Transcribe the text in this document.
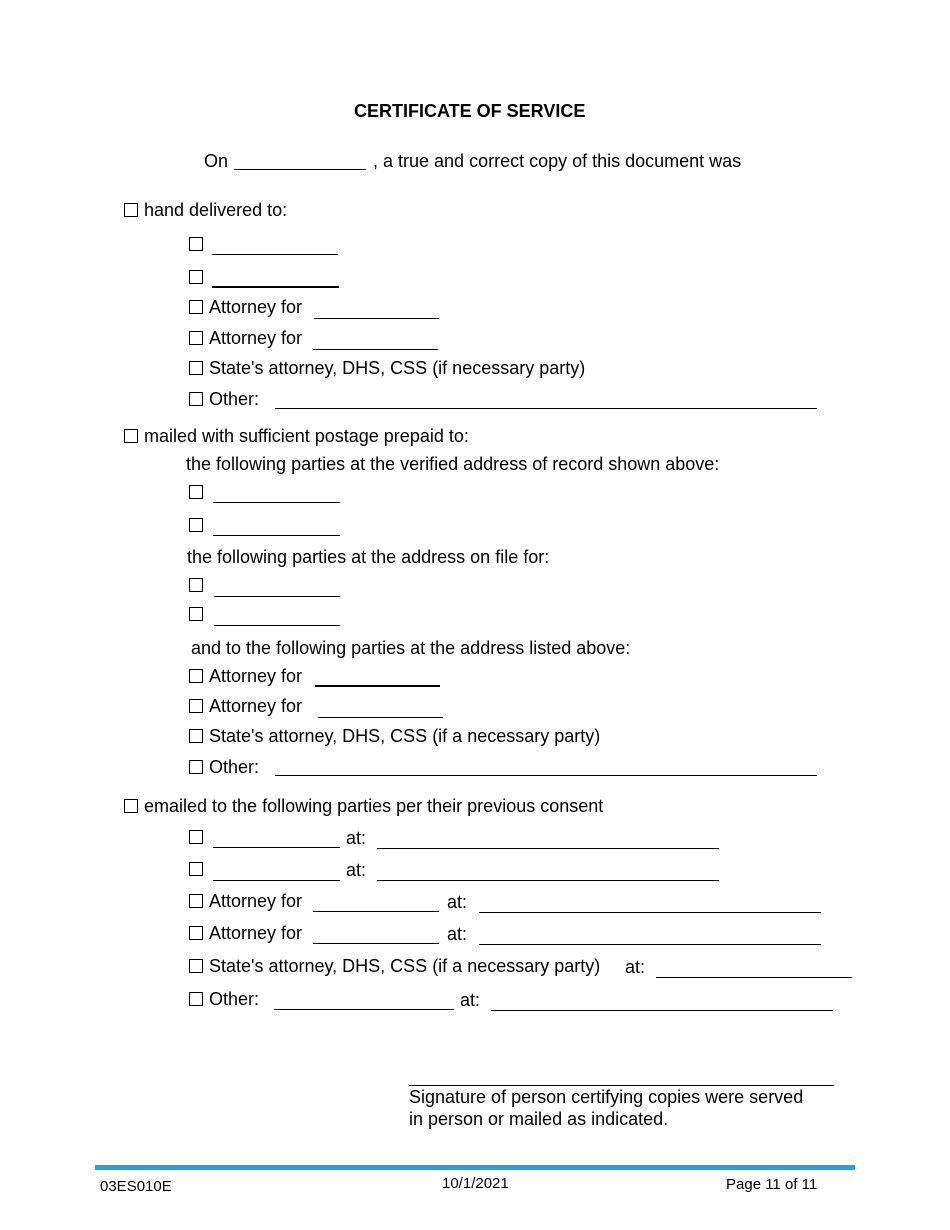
CERTIFICATE OF SERVICE
On	, a true and correct copy of this document was
hand delivered to:
Attorney for
Attorney for
State's attorney, DHS, CSS (if necessary party)
Other:
mailed with sufficient postage prepaid to:
the following parties at the verified address of record shown above:
the following parties at the address on file for:
and to the following parties at the address listed above:
Attorney for
Attorney for
State's attorney, DHS, CSS (if a necessary party)
Other:
emailed to the following parties per their previous consent
at:
at:
Attorney for	at:
Attorney for	at:
State's attorney, DHS, CSS (if a necessary party) at:
Other:	at:
Signature of person certifying copies were served
in person or mailed as indicated.
03ES010E	10/1/2021	Page 11 of 11
